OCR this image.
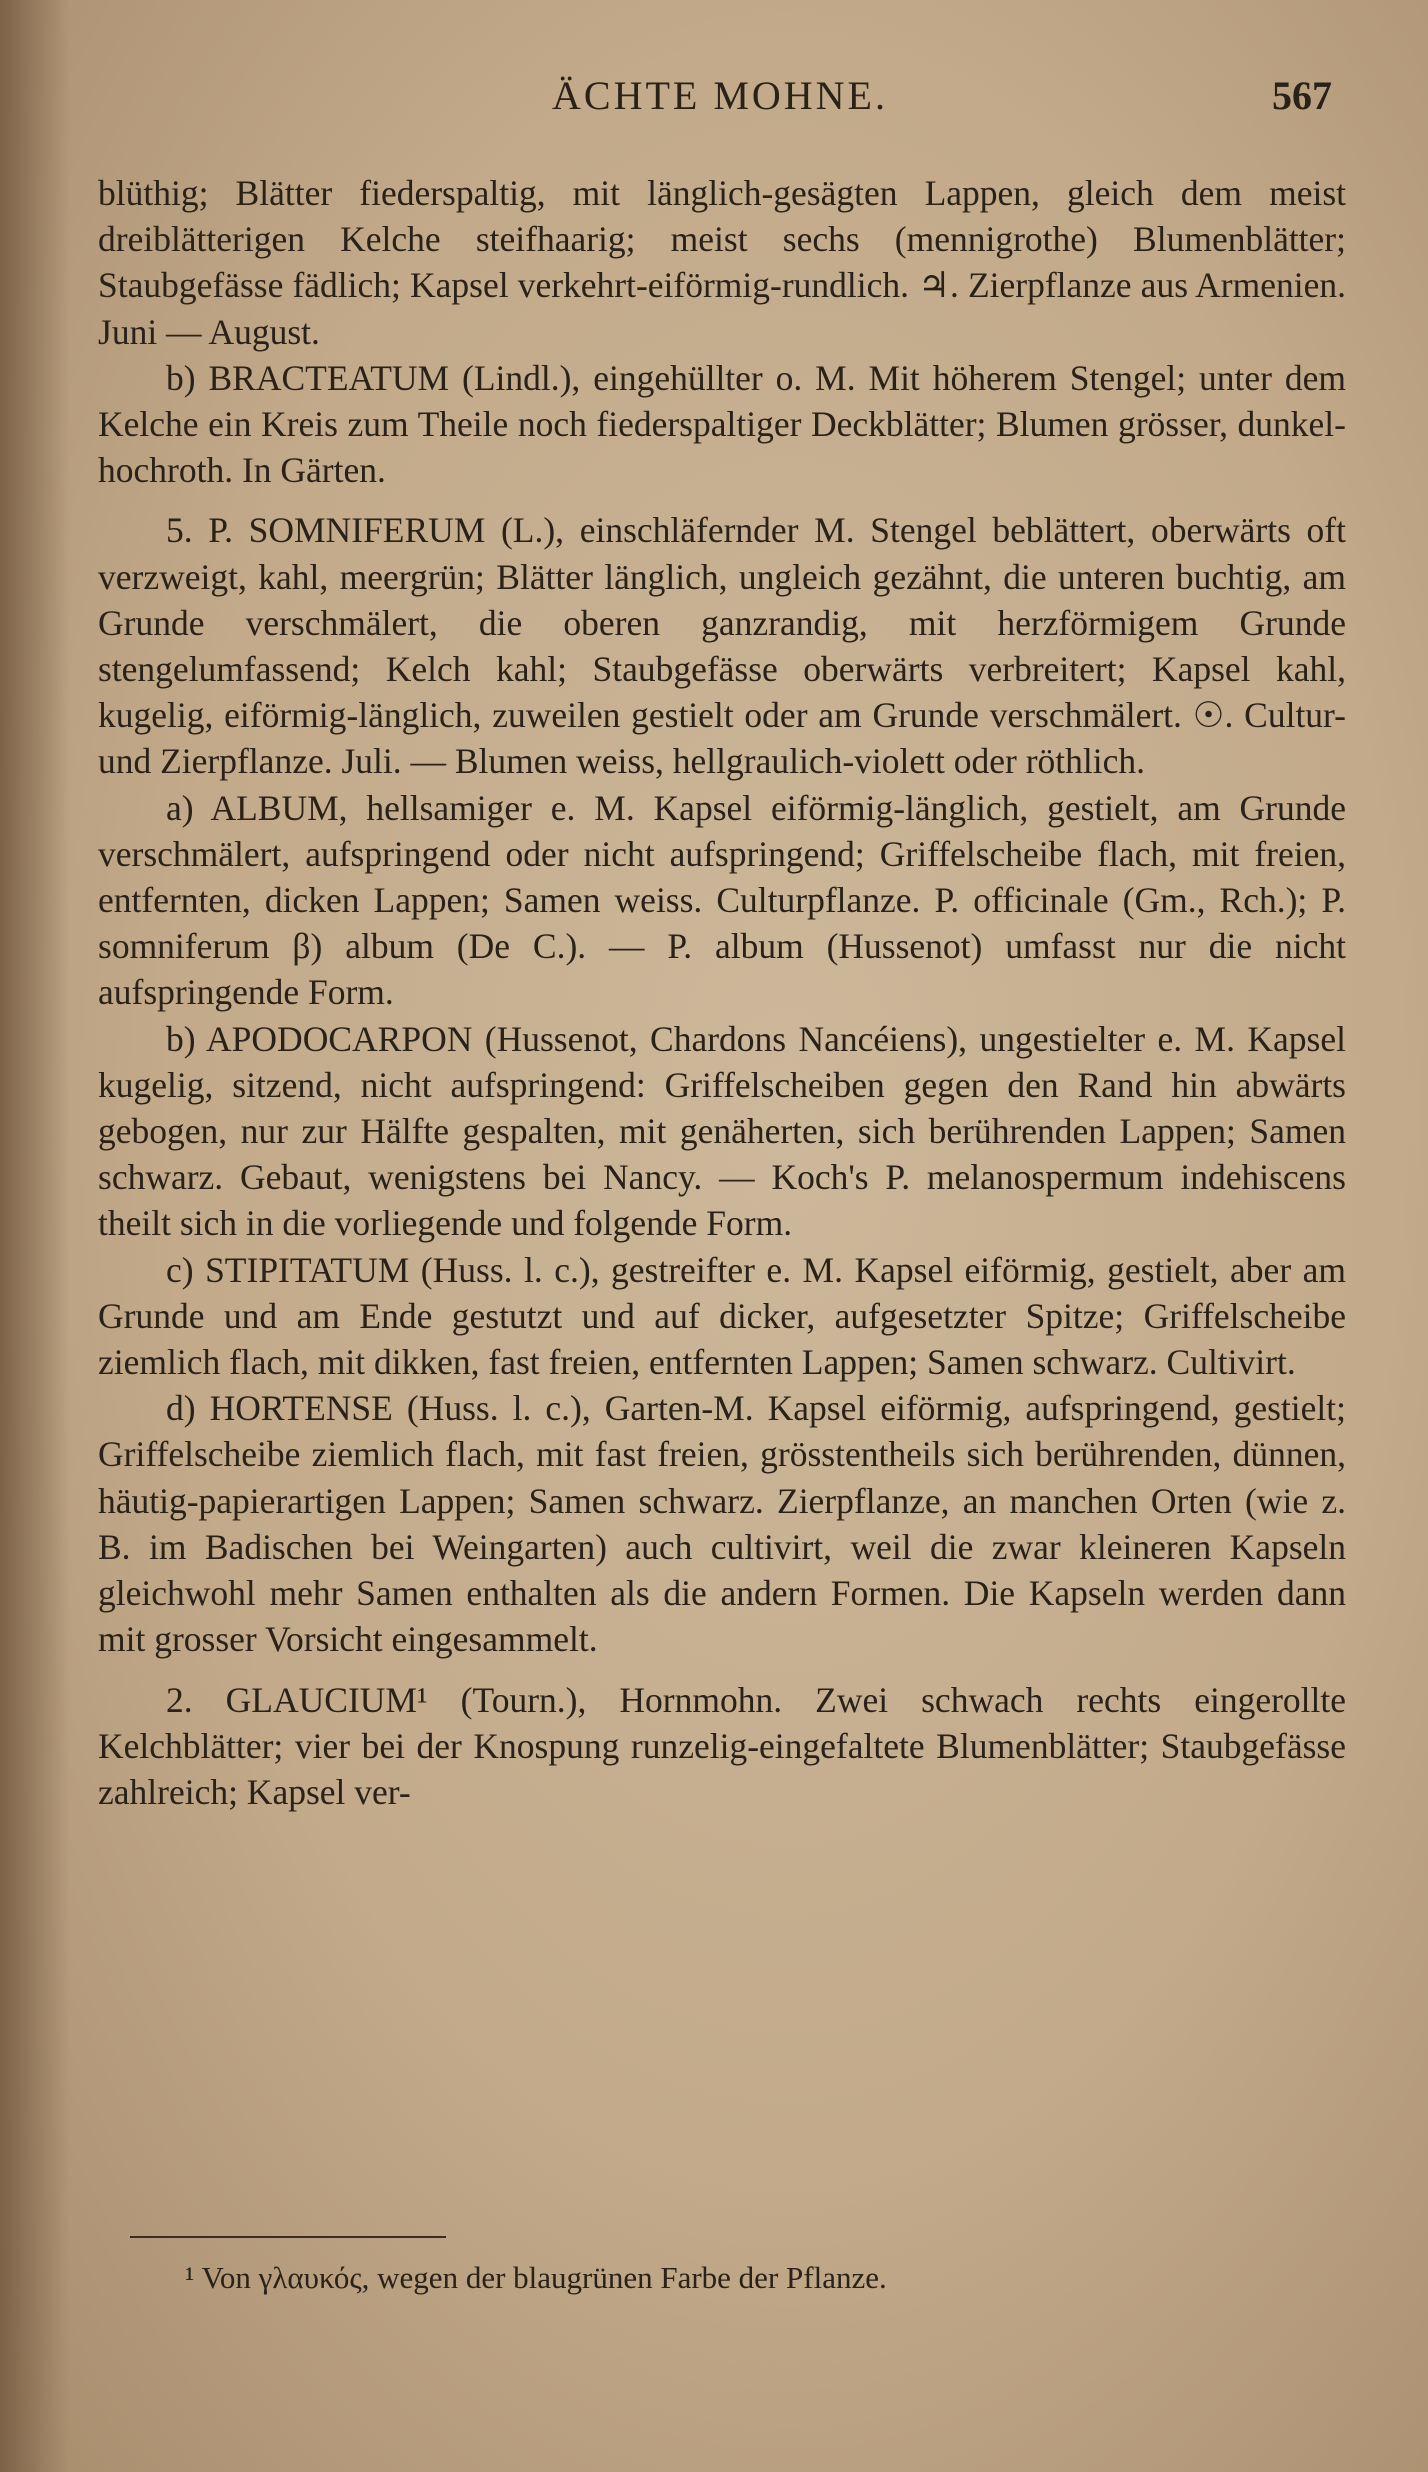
ÄCHTE MOHNE.	567

blüthig; Blätter fiederspaltig, mit länglich-gesägten Lappen, gleich dem meist dreiblätterigen Kelche steifhaarig; meist sechs (mennigrothe) Blumenblätter; Staubgefässe fädlich; Kapsel verkehrt-eiförmig-rundlich. ♃. Zierpflanze aus Armenien. Juni — August.

b) BRACTEATUM (Lindl.), eingehüllter o. M. Mit höherem Stengel; unter dem Kelche ein Kreis zum Theile noch fiederspaltiger Deckblätter; Blumen grösser, dunkel-hochroth. In Gärten.

5. P. SOMNIFERUM (L.), einschläfernder M. Stengel beblättert, oberwärts oft verzweigt, kahl, meergrün; Blätter länglich, ungleich gezähnt, die unteren buchtig, am Grunde verschmälert, die oberen ganzrandig, mit herzförmigem Grunde stengelumfassend; Kelch kahl; Staubgefässe oberwärts verbreitert; Kapsel kahl, kugelig, eiförmig-länglich, zuweilen gestielt oder am Grunde verschmälert. ☉. Cultur- und Zierpflanze. Juli. — Blumen weiss, hellgraulich-violett oder röthlich.

a) ALBUM, hellsamiger e. M. Kapsel eiförmig-länglich, gestielt, am Grunde verschmälert, aufspringend oder nicht aufspringend; Griffelscheibe flach, mit freien, entfernten, dicken Lappen; Samen weiss. Culturpflanze. P. officinale (Gm., Rch.); P. somniferum β) album (De C.). — P. album (Hussenot) umfasst nur die nicht aufspringende Form.

b) APODOCARPON (Hussenot, Chardons Nancéiens), ungestielter e. M. Kapsel kugelig, sitzend, nicht aufspringend: Griffelscheiben gegen den Rand hin abwärts gebogen, nur zur Hälfte gespalten, mit genäherten, sich berührenden Lappen; Samen schwarz. Gebaut, wenigstens bei Nancy. — Koch's P. melanospermum indehiscens theilt sich in die vorliegende und folgende Form.

c) STIPITATUM (Huss. l. c.), gestreifter e. M. Kapsel eiförmig, gestielt, aber am Grunde und am Ende gestutzt und auf dicker, aufgesetzter Spitze; Griffelscheibe ziemlich flach, mit dikken, fast freien, entfernten Lappen; Samen schwarz. Cultivirt.

d) HORTENSE (Huss. l. c.), Garten-M. Kapsel eiförmig, aufspringend, gestielt; Griffelscheibe ziemlich flach, mit fast freien, grösstentheils sich berührenden, dünnen, häutig-papierartigen Lappen; Samen schwarz. Zierpflanze, an manchen Orten (wie z. B. im Badischen bei Weingarten) auch cultivirt, weil die zwar kleineren Kapseln gleichwohl mehr Samen enthalten als die andern Formen. Die Kapseln werden dann mit grosser Vorsicht eingesammelt.

2. GLAUCIUM¹ (Tourn.), Hornmohn. Zwei schwach rechts eingerollte Kelchblätter; vier bei der Knospung runzelig-eingefaltete Blumenblätter; Staubgefässe zahlreich; Kapsel ver-

¹ Von γλαυκός, wegen der blaugrünen Farbe der Pflanze.
